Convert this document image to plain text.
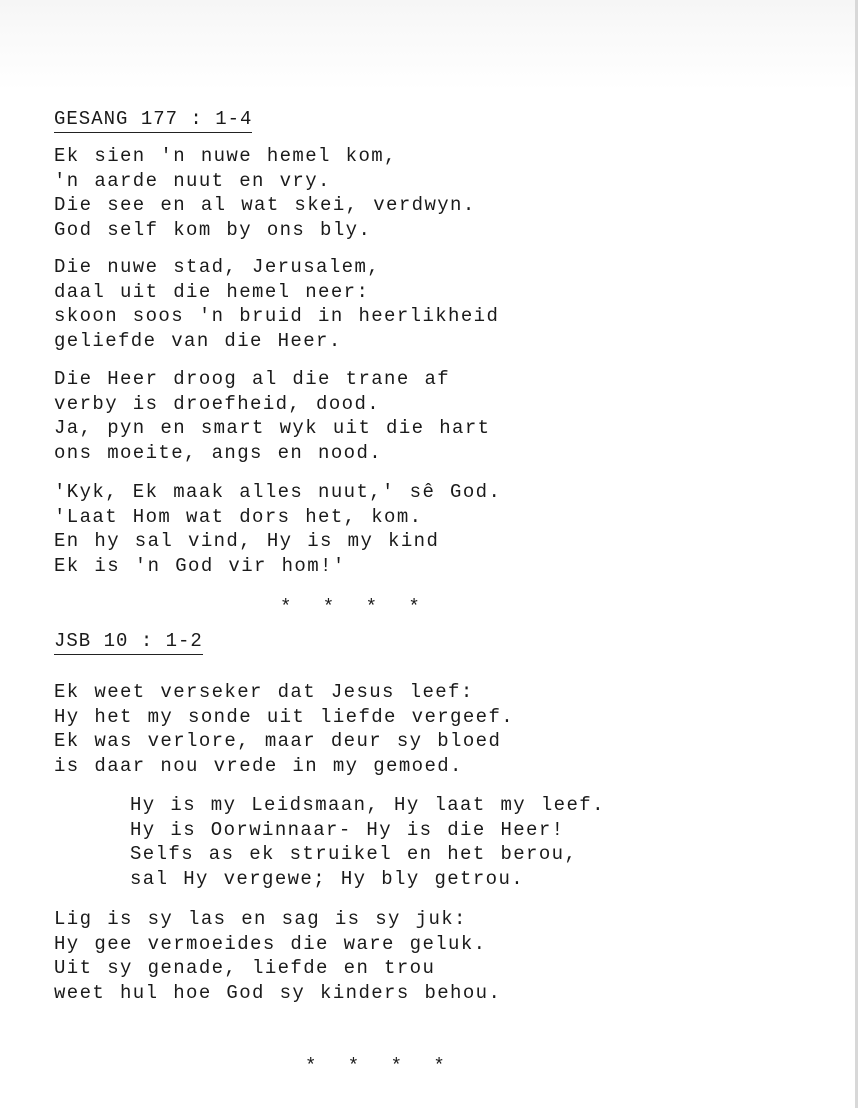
GESANG 177 : 1-4
Ek sien 'n nuwe hemel kom,
'n aarde nuut en vry.
Die see en al wat skei, verdwyn.
God self kom by ons bly.
Die nuwe stad, Jerusalem,
daal uit die hemel neer:
skoon soos 'n bruid in heerlikheid
geliefde van die Heer.
Die Heer droog al die trane af
verby is droefheid, dood.
Ja, pyn en smart wyk uit die hart
ons moeite, angs en nood.
'Kyk, Ek maak alles nuut,' sê God.
'Laat Hom wat dors het, kom.
En hy sal vind, Hy is my kind
Ek is 'n God vir hom!'
* * * *
JSB 10 : 1-2
Ek weet verseker dat Jesus leef:
Hy het my sonde uit liefde vergeef.
Ek was verlore, maar deur sy bloed
is daar nou vrede in my gemoed.
Hy is my Leidsmaan, Hy laat my leef.
Hy is Oorwinnaar- Hy is die Heer!
Selfs as ek struikel en het berou,
sal Hy vergewe; Hy bly getrou.
Lig is sy las en sag is sy juk:
Hy gee vermoeides die ware geluk.
Uit sy genade, liefde en trou
weet hul hoe God sy kinders behou.
* * * *
